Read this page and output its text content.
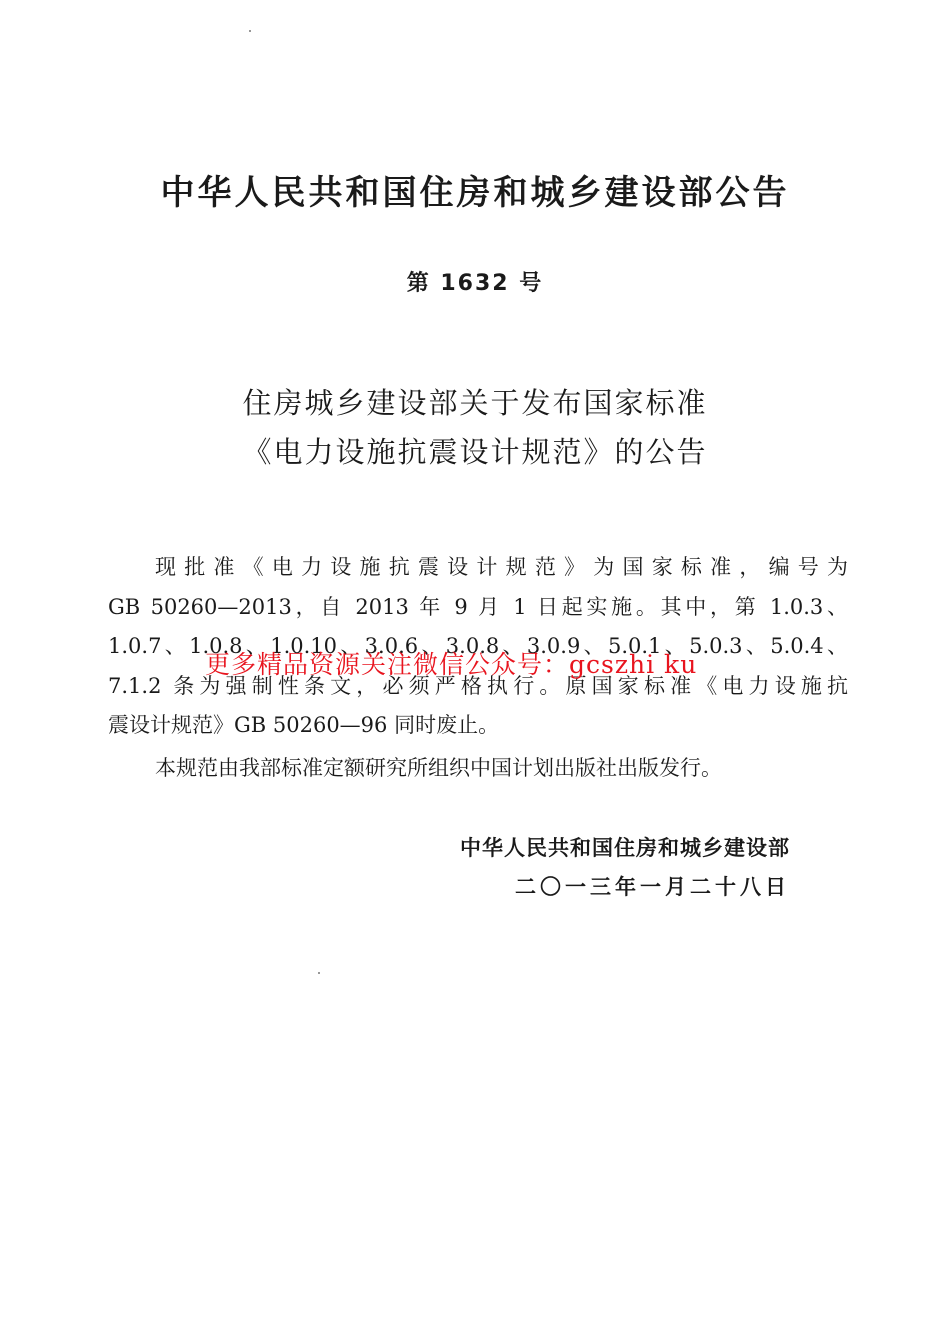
中华人民共和国住房和城乡建设部公告
第 1632 号
住房城乡建设部关于发布国家标准
《电力设施抗震设计规范》的公告
现批准《电力设施抗震设计规范》为国家标准，编号为
GB 50260—2013，自 2013 年 9 月 1 日起实施。其中，第 1.0.3、
1.0.7、1.0.8、1.0.10、3.0.6、3.0.8、3.0.9、5.0.1、5.0.3、5.0.4、
7.1.2 条为强制性条文，必须严格执行。原国家标准《电力设施抗
震设计规范》GB 50260—96 同时废止。
本规范由我部标准定额研究所组织中国计划出版社出版发行。
更多精品资源关注微信公众号：gcszhi ku
中华人民共和国住房和城乡建设部
二〇一三年一月二十八日
